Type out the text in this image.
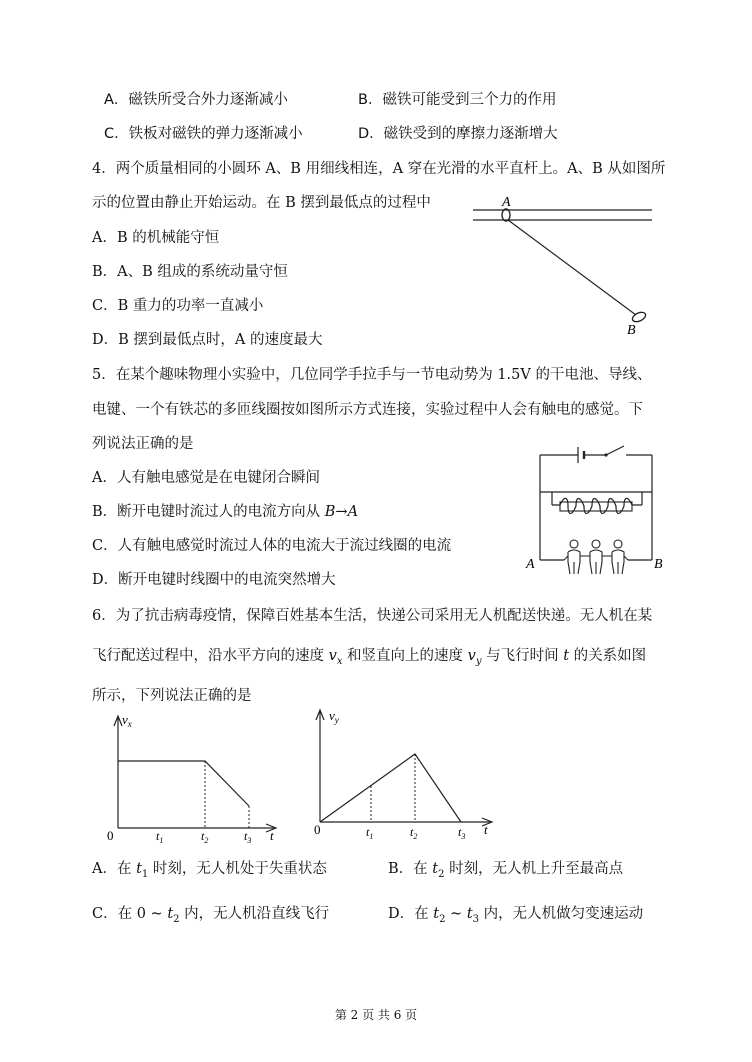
A．磁铁所受合外力逐渐减小	B．磁铁可能受到三个力的作用
C．铁板对磁铁的弹力逐渐减小	D．磁铁受到的摩擦力逐渐增大
4．两个质量相同的小圆环 A、B 用细线相连，A 穿在光滑的水平直杆上。A、B 从如图所
示的位置由静止开始运动。在 B 摆到最低点的过程中
A．B 的机械能守恒
B．A、B 组成的系统动量守恒
C．B 重力的功率一直减小
D．B 摆到最低点时，A 的速度最大
A
B
5．在某个趣味物理小实验中，几位同学手拉手与一节电动势为 1.5V 的干电池、导线、
电键、一个有铁芯的多匝线圈按如图所示方式连接，实验过程中人会有触电的感觉。下
列说法正确的是
A．人有触电感觉是在电键闭合瞬间
B．断开电键时流过人的电流方向从 B→A
C．人有触电感觉时流过人体的电流大于流过线圈的电流
D．断开电键时线圈中的电流突然增大
A	B
6．为了抗击病毒疫情，保障百姓基本生活，快递公司采用无人机配送快递。无人机在某
飞行配送过程中，沿水平方向的速度 $v_x$ 和竖直向上的速度 $v_y$ 与飞行时间 t 的关系如图
所示，下列说法正确的是
$v_x$
0	$t_1$	$t_2$	$t_3$ t
$v_y$
0	$t_1$	$t_2$	$t_3$ t
A．在 $t_1$ 时刻，无人机处于失重状态	B．在 $t_2$ 时刻，无人机上升至最高点
C．在 0 ~ $t_2$ 内，无人机沿直线飞行	D．在 $t_2$ ~ $t_3$ 内，无人机做匀变速运动
第 2 页 共 6 页
